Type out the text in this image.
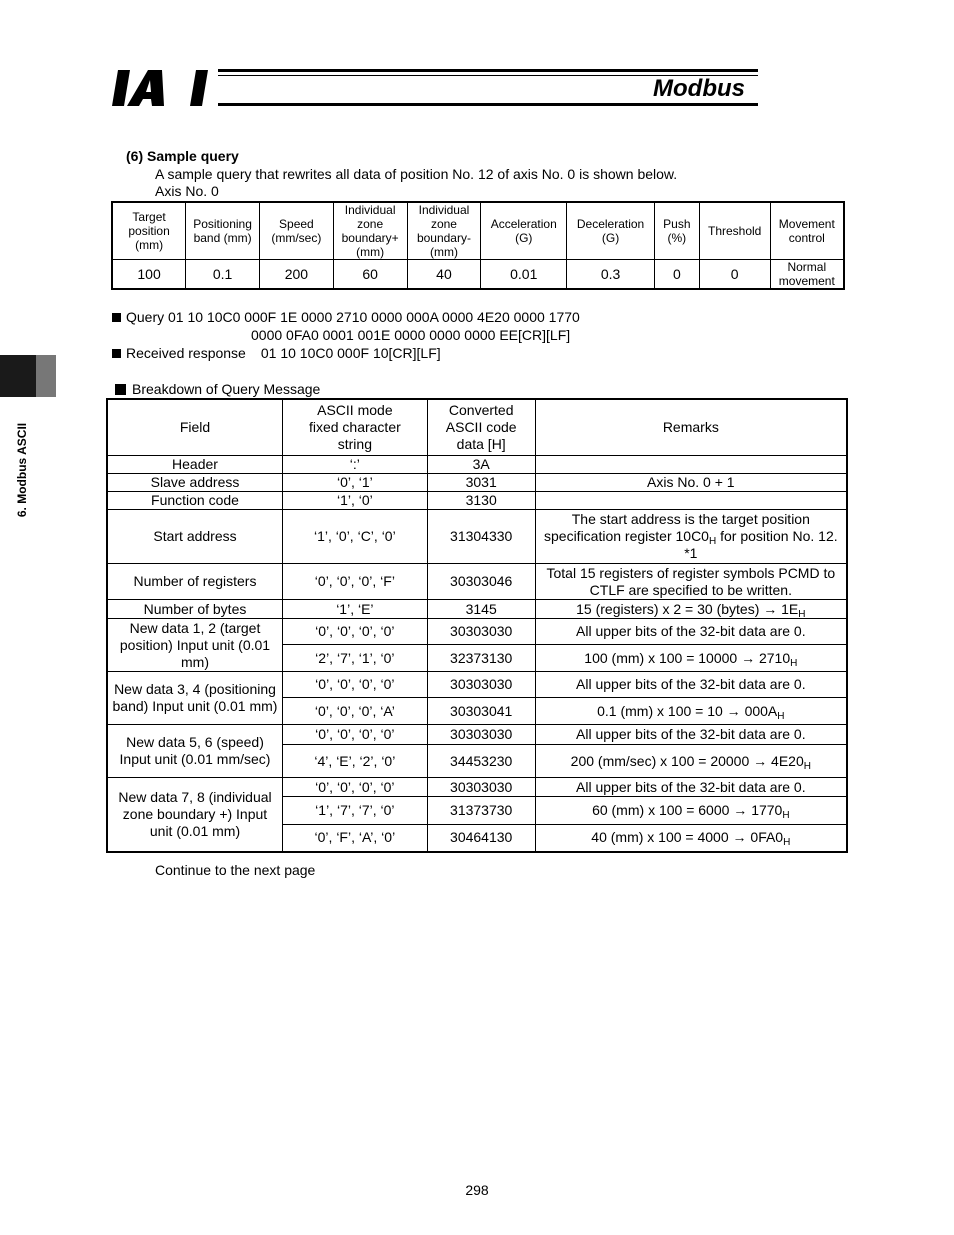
Modbus
6. Modbus ASCII
(6) Sample query
A sample query that rewrites all data of position No. 12 of axis No. 0 is shown below.
Axis No. 0
Target position (mm)	Positioning band (mm)	Speed (mm/sec)	Individual zone boundary+ (mm)	Individual zone boundary- (mm)	Acceleration (G)	Deceleration (G)	Push (%)	Threshold	Movement control
100	0.1	200	60	40	0.01	0.3	0	0	Normal movement
Query 01 10 10C0 000F 1E 0000 2710 0000 000A 0000 4E20 0000 1770
0000 0FA0 0001 001E 0000 0000 0000 EE[CR][LF]
Received response 01 10 10C0 000F 10[CR][LF]
Breakdown of Query Message
Field	ASCII mode fixed character string	Converted ASCII code data [H]	Remarks
Header	‘:’	3A	
Slave address	‘0’, ‘1’	3031	Axis No. 0 + 1
Function code	‘1’, ‘0’	3130	
Start address	‘1’, ‘0’, ‘C’, ‘0’	31304330	The start address is the target position specification register $10C0_H$ for position No. 12. *1
Number of registers	‘0’, ‘0’, ‘0’, ‘F’	30303046	Total 15 registers of register symbols PCMD to CTLF are specified to be written.
Number of bytes	‘1’, ‘E’	3145	15 (registers) x 2 = 30 (bytes) → $1E_H$
New data 1, 2 (target position) Input unit (0.01 mm)	‘0’, ‘0’, ‘0’, ‘0’	30303030	All upper bits of the 32-bit data are 0.
	‘2’, ‘7’, ‘1’, ‘0’	32373130	100 (mm) x $100 = 10000 \to 2710_H$
New data 3, 4 (positioning band) Input unit (0.01 mm)	‘0’, ‘0’, ‘0’, ‘0’	30303030	All upper bits of the 32-bit data are 0.
	‘0’, ‘0’, ‘0’, ‘A’	30303041	0.1 (mm) x $100 = 10 \to 000A_H$
New data 5, 6 (speed) Input unit (0.01 mm/sec)	‘0’, ‘0’, ‘0’, ‘0’	30303030	All upper bits of the 32-bit data are 0.
	‘4’, ‘E’, ‘2’, ‘0’	34453230	200 (mm/sec) x $100 = 20000 \to 4E20_H$
New data 7, 8 (individual zone boundary +) Input unit (0.01 mm)	‘0’, ‘0’, ‘0’, ‘0’	30303030	All upper bits of the 32-bit data are 0.
	‘1’, ‘7’, ‘7’, ‘0’	31373730	60 (mm) x $100 = 6000 \to 1770_H$
	‘0’, ‘F’, ‘A’, ‘0’	30464130	40 (mm) x $100 = 4000 \to 0FA0_H$
Continue to the next page
298
